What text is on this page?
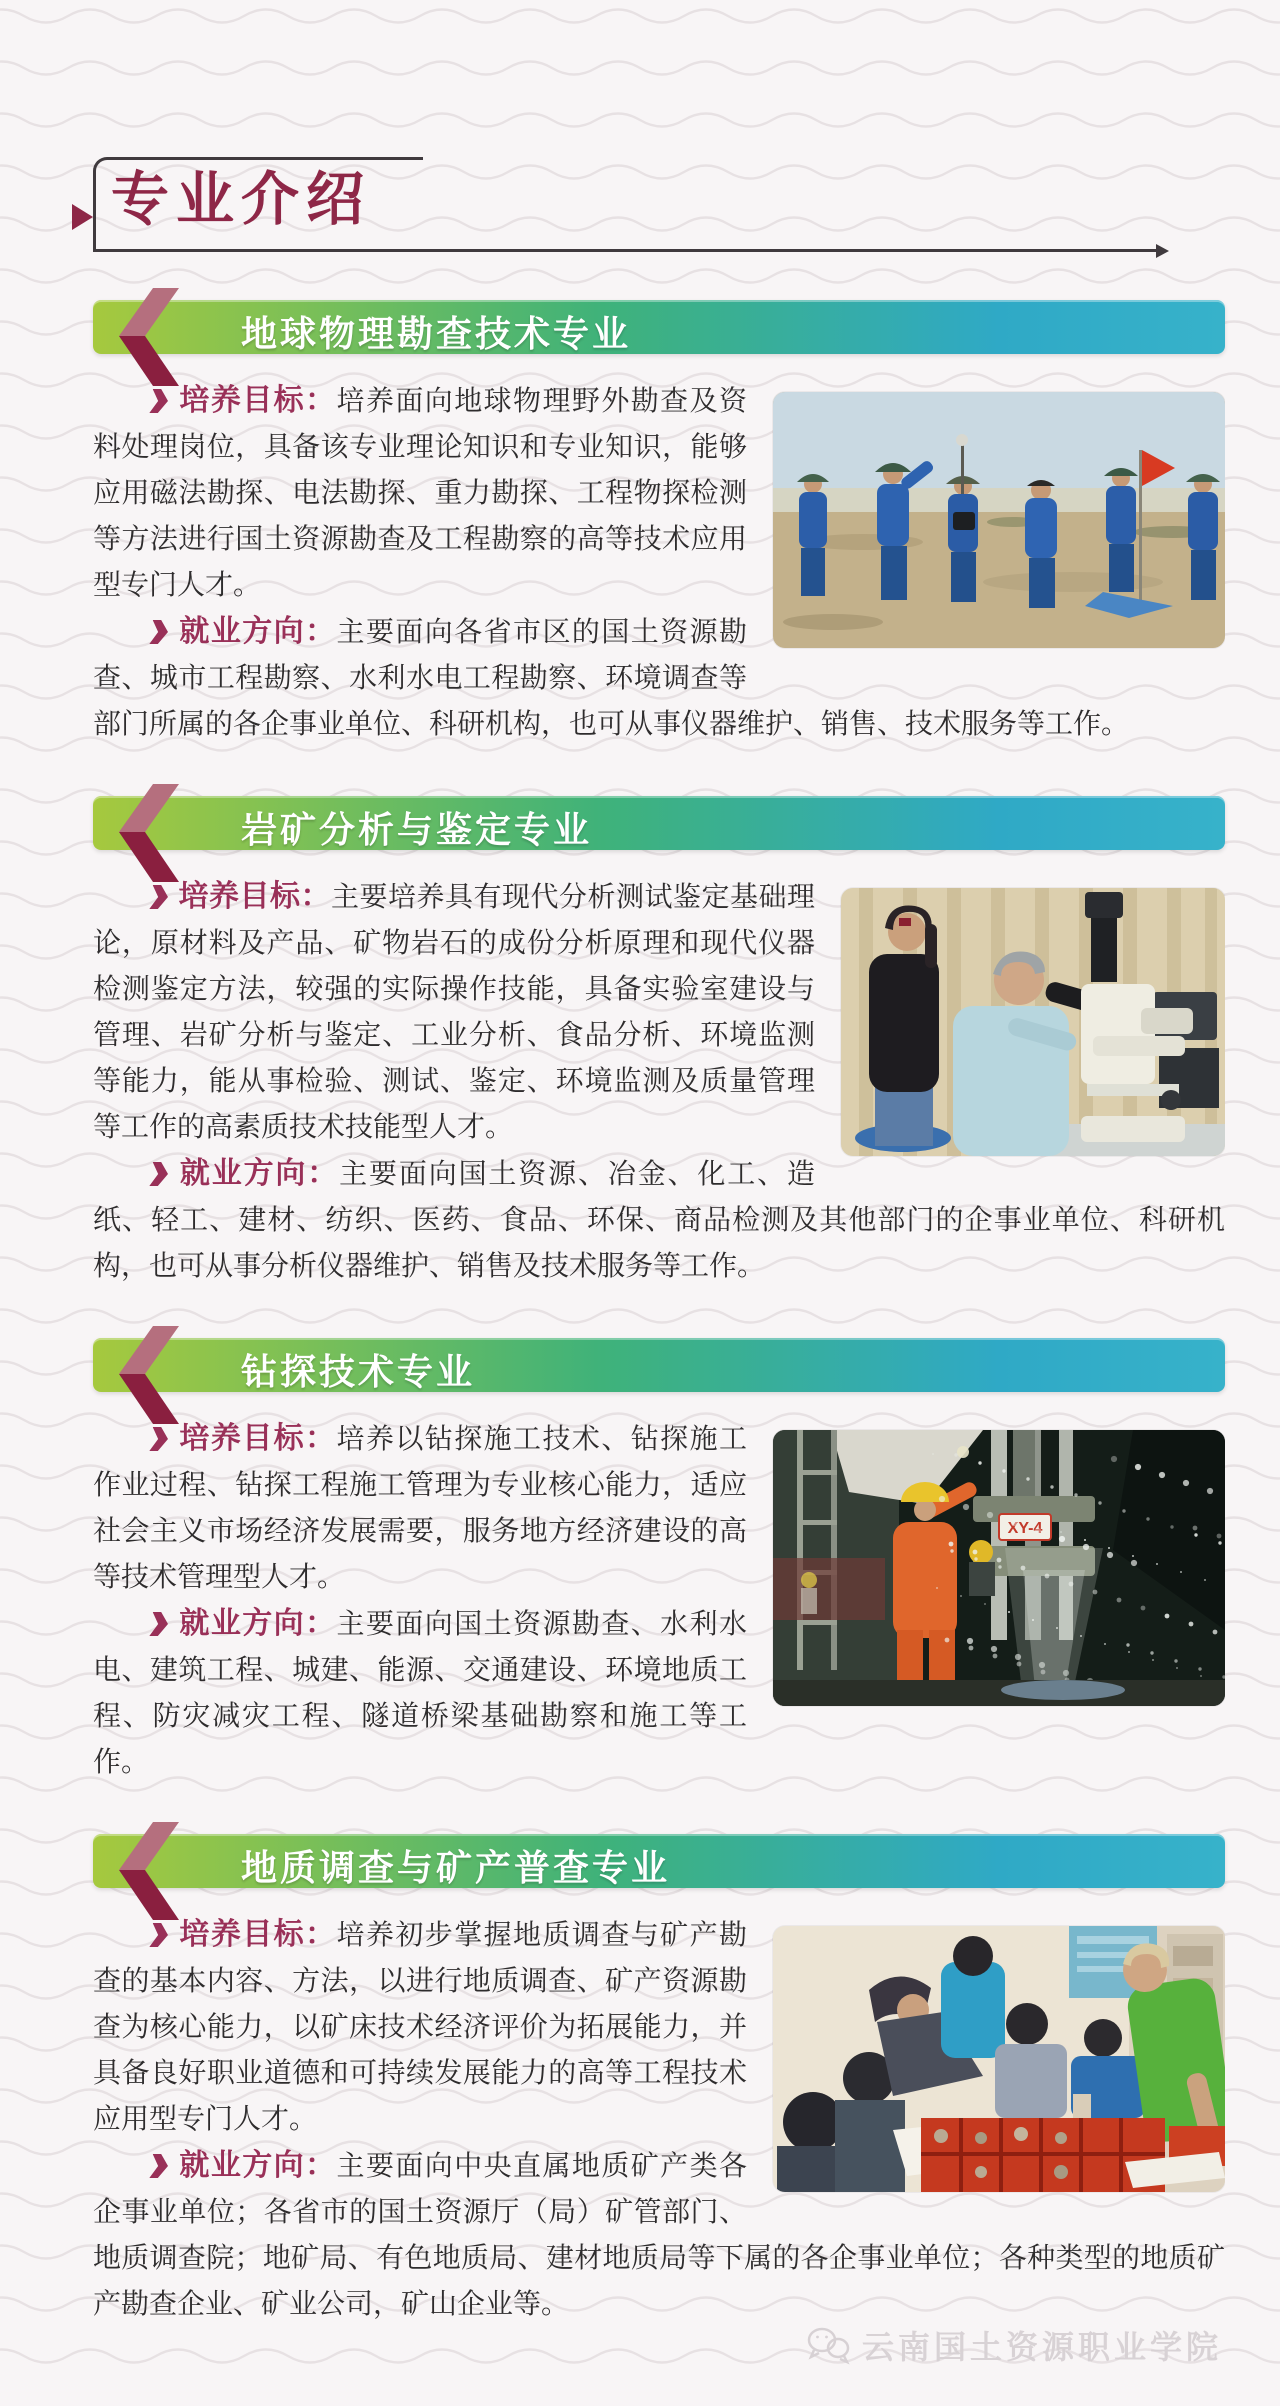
专业介绍
地球物理勘查技术专业

培养目标：培养面向地球物理野外勘查及资料处理岗位，具备该专业理论知识和专业知识，能够应用磁法勘探、电法勘探、重力勘探、工程物探检测等方法进行国土资源勘查及工程勘察的高等技术应用型专门人才。

就业方向：主要面向各省市区的国土资源勘查、城市工程勘察、水利水电工程勘察、环境调查等部门所属的各企事业单位、科研机构，也可从事仪器维护、销售、技术服务等工作。

岩矿分析与鉴定专业

培养目标：主要培养具有现代分析测试鉴定基础理论，原材料及产品、矿物岩石的成份分析原理和现代仪器检测鉴定方法，较强的实际操作技能，具备实验室建设与管理、岩矿分析与鉴定、工业分析、食品分析、环境监测等能力，能从事检验、测试、鉴定、环境监测及质量管理等工作的高素质技术技能型人才。

就业方向：主要面向国土资源、冶金、化工、造纸、轻工、建材、纺织、医药、食品、环保、商品检测及其他部门的企事业单位、科研机构，也可从事分析仪器维护、销售及技术服务等工作。

钻探技术专业
XY-4

培养目标：培养以钻探施工技术、钻探施工作业过程、钻探工程施工管理为专业核心能力，适应社会主义市场经济发展需要，服务地方经济建设的高等技术管理型人才。

就业方向：主要面向国土资源勘查、水利水电、建筑工程、城建、能源、交通建设、环境地质工程、防灾减灾工程、隧道桥梁基础勘察和施工等工作。

地质调查与矿产普查专业

培养目标：培养初步掌握地质调查与矿产勘查的基本内容、方法，以进行地质调查、矿产资源勘查为核心能力，以矿床技术经济评价为拓展能力，并具备良好职业道德和可持续发展能力的高等工程技术应用型专门人才。

就业方向：主要面向中央直属地质矿产类各企事业单位；各省市的国土资源厅（局）矿管部门、地质调查院；地矿局、有色地质局、建材地质局等下属的各企事业单位；各种类型的地质矿产勘查企业、矿业公司，矿山企业等。

云南国土资源职业学院
